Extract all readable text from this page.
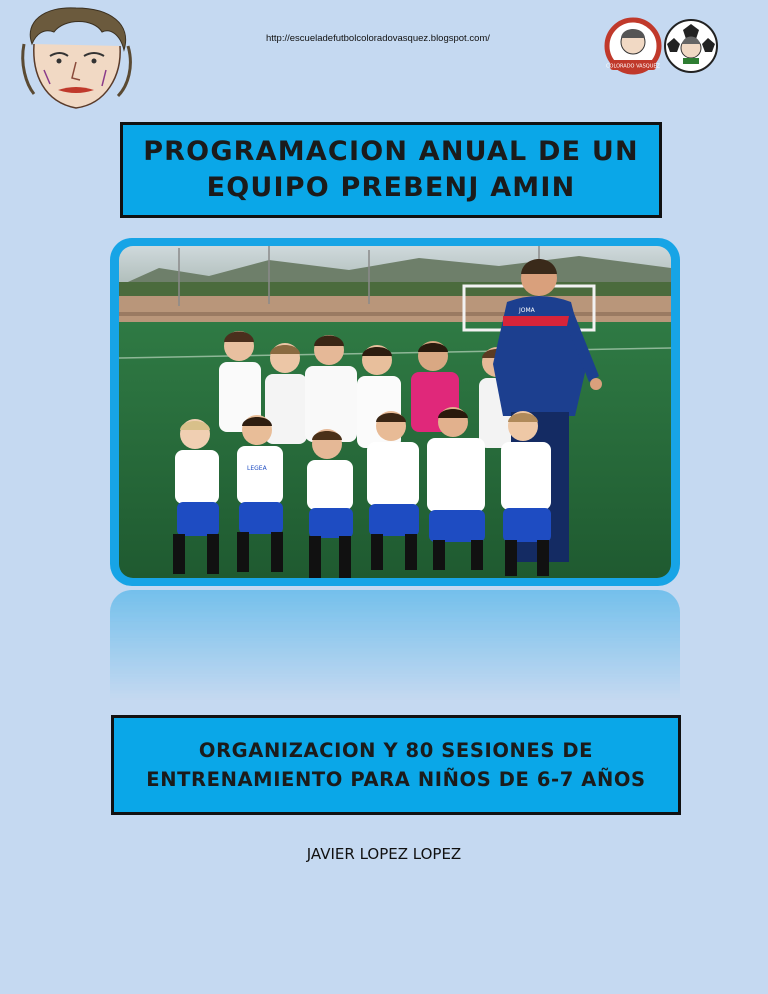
http://escueladefutbolcoloradovasquez.blogspot.com/
COLORADO VASQUEZ

PROGRAMACION ANUAL DE UN
EQUIPO PREBENJ AMIN

JOMA
LEGEA

ORGANIZACION Y 80 SESIONES DE
ENTRENAMIENTO PARA NIÑOS DE 6-7 AÑOS

JAVIER LOPEZ LOPEZ
